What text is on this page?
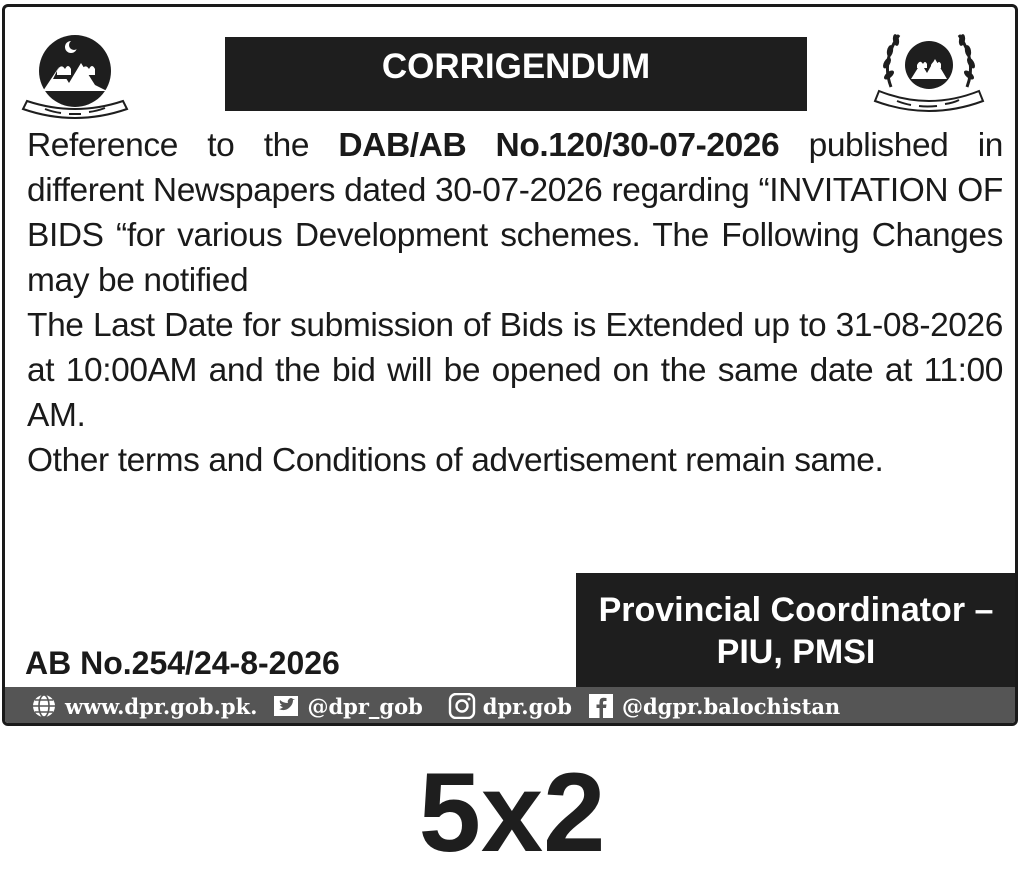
CORRIGENDUM

Reference to the DAB/AB No.120/30-07-2026 published in different Newspapers dated 30-07-2026 regarding “INVITATION OF BIDS “for various Development schemes. The Following Changes may be notified

The Last Date for submission of Bids is Extended up to 31-08-2026 at 10:00AM and the bid will be opened on the same date at 11:00 AM.

Other terms and Conditions of advertisement remain same.

Provincial Coordinator –
PIU, PMSI
AB No.254/24-8-2026
www.dpr.gob.pk. @dpr_gob	dpr.gob @dgpr.balochistan
5x2
